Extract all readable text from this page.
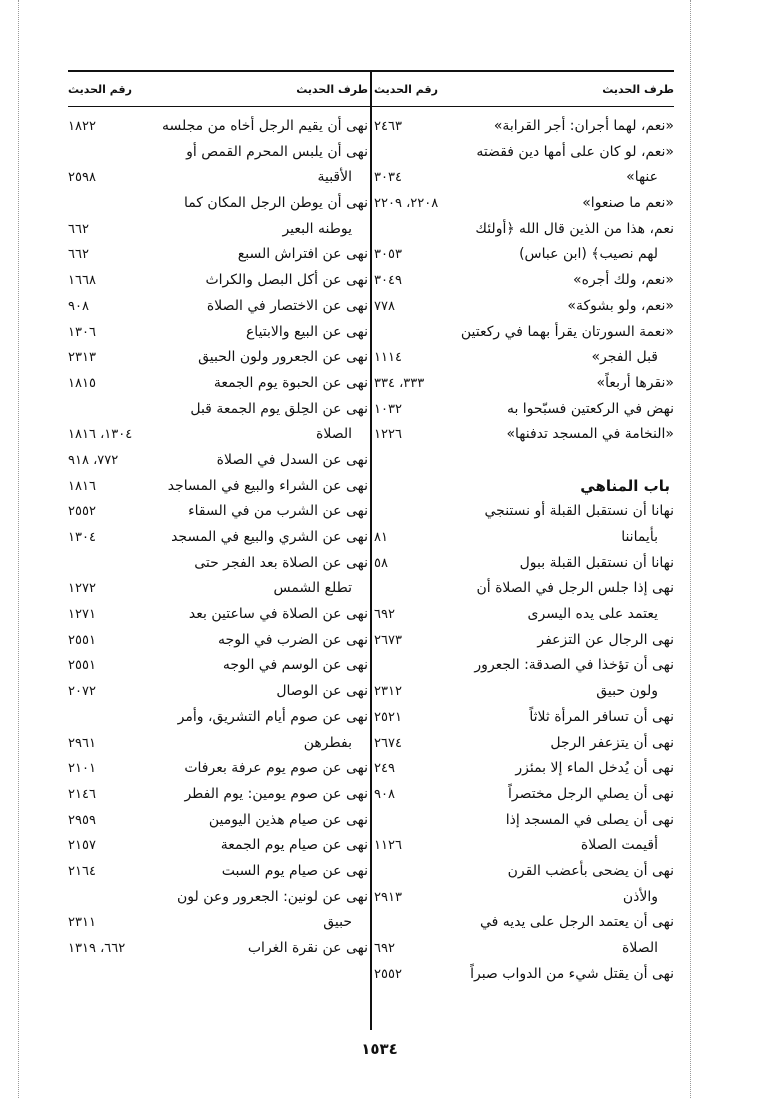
طرف الحديث
رقم الحديث
«نعم، لهما أجران: أجر القرابة»
٢٤٦٣
«نعم، لو كان على أمها دين فقضته
عنها»
٣٠٣٤
«نعم ما صنعوا»
٢٢٠٨، ٢٢٠٩
نعم، هذا من الذين قال الله ﴿أولئك
لهم نصيب﴾ (ابن عباس)
٣٠٥٣
«نعم، ولك أجره»
٣٠٤٩
«نعم، ولو بشوكة»
٧٧٨
«نعمة السورتان يقرأ بهما في ركعتين
قبل الفجر»
١١١٤
«نقرها أربعاً»
٣٣٣، ٣٣٤
نهض في الركعتين فسبّحوا به
١٠٣٢
«النخامة في المسجد تدفنها»
١٢٢٦
باب المناهي
نهانا أن نستقبل القبلة أو نستنجي
بأيماننا
٨١
نهانا أن نستقبل القبلة ببول
٥٨
نهى إذا جلس الرجل في الصلاة أن
يعتمد على يده اليسرى
٦٩٢
نهى الرجال عن التزعفر
٢٦٧٣
نهى أن تؤخذا في الصدقة: الجعرور
ولون حبيق
٢٣١٢
نهى أن تسافر المرأة ثلاثاً
٢٥٢١
نهى أن يتزعفر الرجل
٢٦٧٤
نهى أن يُدخل الماء إلا بمئزر
٢٤٩
نهى أن يصلي الرجل مختصراً
٩٠٨
نهى أن يصلى في المسجد إذا
أقيمت الصلاة
١١٢٦
نهى أن يضحى بأعضب القرن
والأذن
٢٩١٣
نهى أن يعتمد الرجل على يديه في
الصلاة
٦٩٢
نهى أن يقتل شيء من الدواب صبراً
٢٥٥٢
طرف الحديث
رقم الحديث
نهى أن يقيم الرجل أخاه من مجلسه
١٨٢٢
نهى أن يلبس المحرم القمص أو
الأقبية
٢٥٩٨
نهى أن يوطن الرجل المكان كما
يوطنه البعير
٦٦٢
نهى عن افتراش السبع
٦٦٢
نهى عن أكل البصل والكراث
١٦٦٨
نهى عن الاختصار في الصلاة
٩٠٨
نهى عن البيع والابتياع
١٣٠٦
نهى عن الجعرور ولون الحبيق
٢٣١٣
نهى عن الحبوة يوم الجمعة
١٨١٥
نهى عن الحِلق يوم الجمعة قبل
الصلاة
١٣٠٤، ١٨١٦
نهى عن السدل في الصلاة
٧٧٢، ٩١٨
نهى عن الشراء والبيع في المساجد
١٨١٦
نهى عن الشرب من في السقاء
٢٥٥٢
نهى عن الشري والبيع في المسجد
١٣٠٤
نهى عن الصلاة بعد الفجر حتى
تطلع الشمس
١٢٧٢
نهى عن الصلاة في ساعتين بعد
١٢٧١
نهى عن الضرب في الوجه
٢٥٥١
نهى عن الوسم في الوجه
٢٥٥١
نهى عن الوصال
٢٠٧٢
نهى عن صوم أيام التشريق، وأمر
بفطرهن
٢٩٦١
نهى عن صوم يوم عرفة بعرفات
٢١٠١
نهى عن صوم يومين: يوم الفطر
٢١٤٦
نهى عن صيام هذين اليومين
٢٩٥٩
نهى عن صيام يوم الجمعة
٢١٥٧
نهى عن صيام يوم السبت
٢١٦٤
نهى عن لونين: الجعرور وعن لون
حبيق
٢٣١١
نهى عن نقرة الغراب
٦٦٢، ١٣١٩
١٥٣٤
